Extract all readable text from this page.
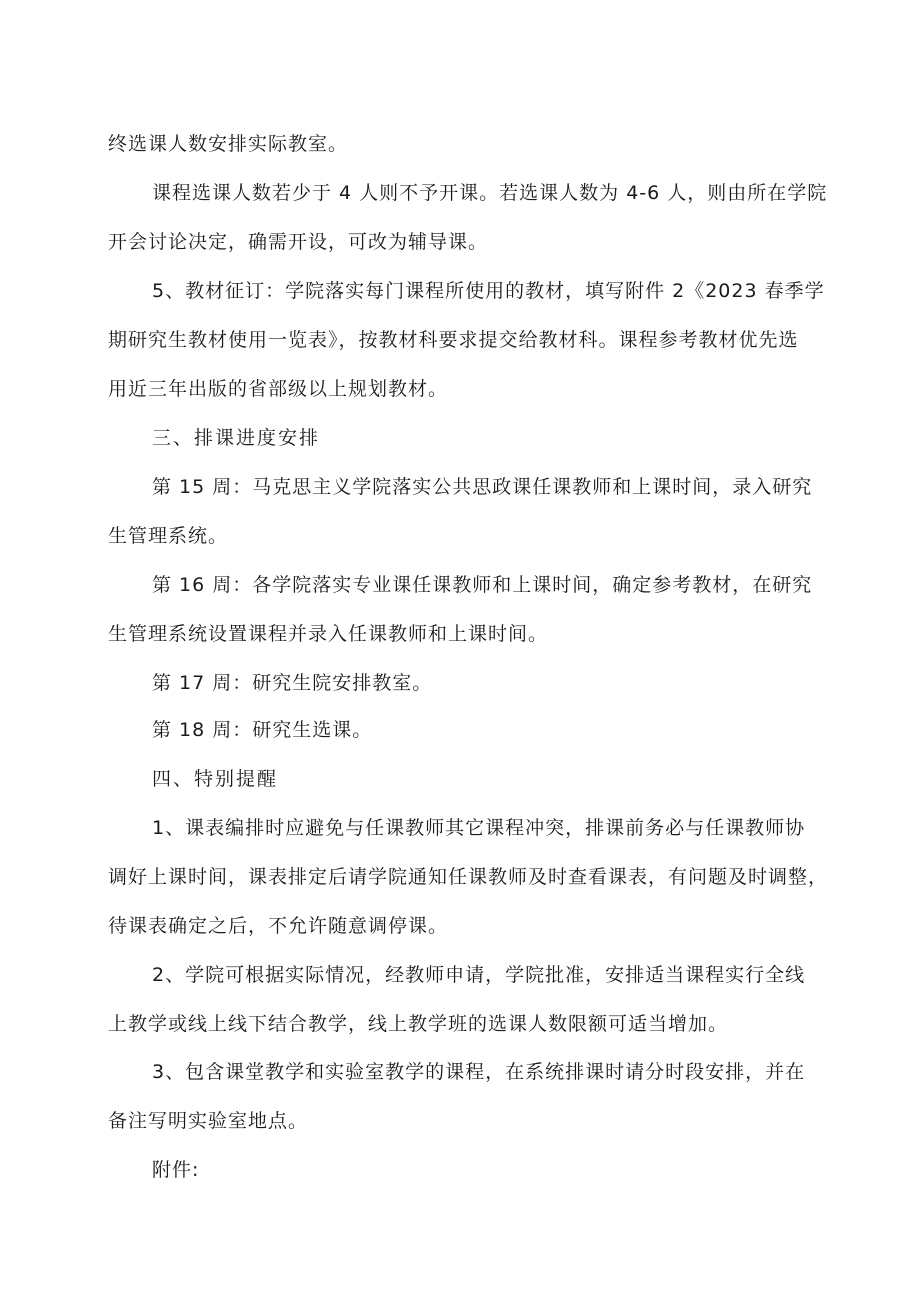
终选课人数安排实际教室。
课程选课人数若少于 4 人则不予开课。若选课人数为 4-6 人，则由所在学院
开会讨论决定，确需开设，可改为辅导课。
5、教材征订：学院落实每门课程所使用的教材，填写附件 2《2023 春季学
期研究生教材使用一览表》，按教材科要求提交给教材科。课程参考教材优先选
用近三年出版的省部级以上规划教材。
三、排课进度安排
第 15 周：马克思主义学院落实公共思政课任课教师和上课时间，录入研究
生管理系统。
第 16 周：各学院落实专业课任课教师和上课时间，确定参考教材，在研究
生管理系统设置课程并录入任课教师和上课时间。
第 17 周：研究生院安排教室。
第 18 周：研究生选课。
四、特别提醒
1、课表编排时应避免与任课教师其它课程冲突，排课前务必与任课教师协
调好上课时间，课表排定后请学院通知任课教师及时查看课表，有问题及时调整，
待课表确定之后，不允许随意调停课。
2、学院可根据实际情况，经教师申请，学院批准，安排适当课程实行全线
上教学或线上线下结合教学，线上教学班的选课人数限额可适当增加。
3、包含课堂教学和实验室教学的课程，在系统排课时请分时段安排，并在
备注写明实验室地点。
附件:
